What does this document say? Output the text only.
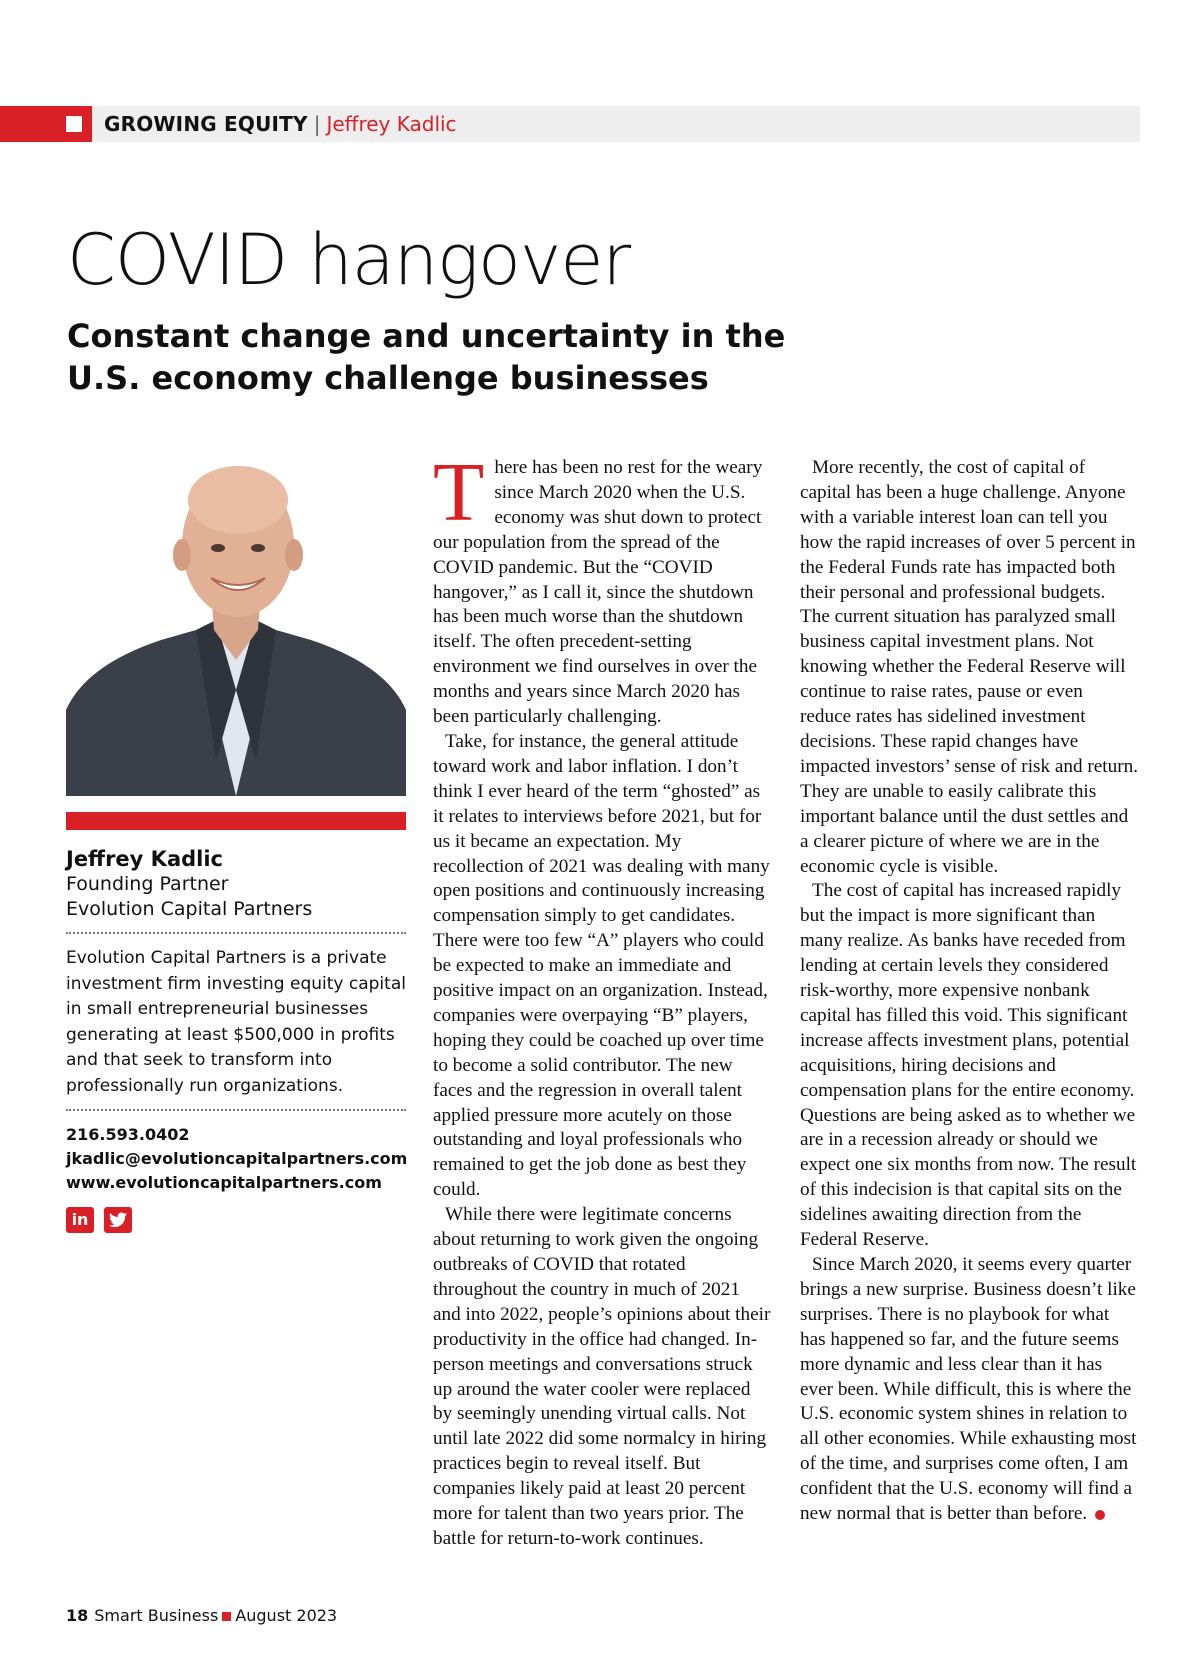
GROWING EQUITY | Jeffrey Kadlic
COVID hangover
Constant change and uncertainty in the U.S. economy challenge businesses
Jeffrey Kadlic
Founding Partner
Evolution Capital Partners

Evolution Capital Partners is a private investment firm investing equity capital in small entrepreneurial businesses generating at least $500,000 in profits and that seek to transform into professionally run organizations.

216.593.0402
jkadlic@evolutioncapitalpartners.com
www.evolutioncapitalpartners.com
in

There has been no rest for the weary since March 2020 when the U.S. economy was shut down to protect our population from the spread of the COVID pandemic. But the “COVID hangover,” as I call it, since the shutdown has been much worse than the shutdown itself. The often precedent-setting environment we find ourselves in over the months and years since March 2020 has been particularly challenging.

Take, for instance, the general attitude toward work and labor inflation. I don’t think I ever heard of the term “ghosted” as it relates to interviews before 2021, but for us it became an expectation. My recollection of 2021 was dealing with many open positions and continuously increasing compensation simply to get candidates. There were too few “A” players who could be expected to make an immediate and positive impact on an organization. Instead, companies were overpaying “B” players, hoping they could be coached up over time to become a solid contributor. The new faces and the regression in overall talent applied pressure more acutely on those outstanding and loyal professionals who remained to get the job done as best they could.

While there were legitimate concerns about returning to work given the ongoing outbreaks of COVID that rotated throughout the country in much of 2021 and into 2022, people’s opinions about their productivity in the office had changed. In-person meetings and conversations struck up around the water cooler were replaced by seemingly unending virtual calls. Not until late 2022 did some normalcy in hiring practices begin to reveal itself. But companies likely paid at least 20 percent more for talent than two years prior. The battle for return-to-work continues.

More recently, the cost of capital of capital has been a huge challenge. Anyone with a variable interest loan can tell you how the rapid increases of over 5 percent in the Federal Funds rate has impacted both their personal and professional budgets. The current situation has paralyzed small business capital investment plans. Not knowing whether the Federal Reserve will continue to raise rates, pause or even reduce rates has sidelined investment decisions. These rapid changes have impacted investors’ sense of risk and return. They are unable to easily calibrate this important balance until the dust settles and a clearer picture of where we are in the economic cycle is visible.

The cost of capital has increased rapidly but the impact is more significant than many realize. As banks have receded from lending at certain levels they considered risk-worthy, more expensive nonbank capital has filled this void. This significant increase affects investment plans, potential acquisitions, hiring decisions and compensation plans for the entire economy. Questions are being asked as to whether we are in a recession already or should we expect one six months from now. The result of this indecision is that capital sits on the sidelines awaiting direction from the Federal Reserve.

Since March 2020, it seems every quarter brings a new surprise. Business doesn’t like surprises. There is no playbook for what has happened so far, and the future seems more dynamic and less clear than it has ever been. While difficult, this is where the U.S. economic system shines in relation to all other economies. While exhausting most of the time, and surprises come often, I am confident that the U.S. economy will find a new normal that is better than before.

18 Smart Business August 2023
